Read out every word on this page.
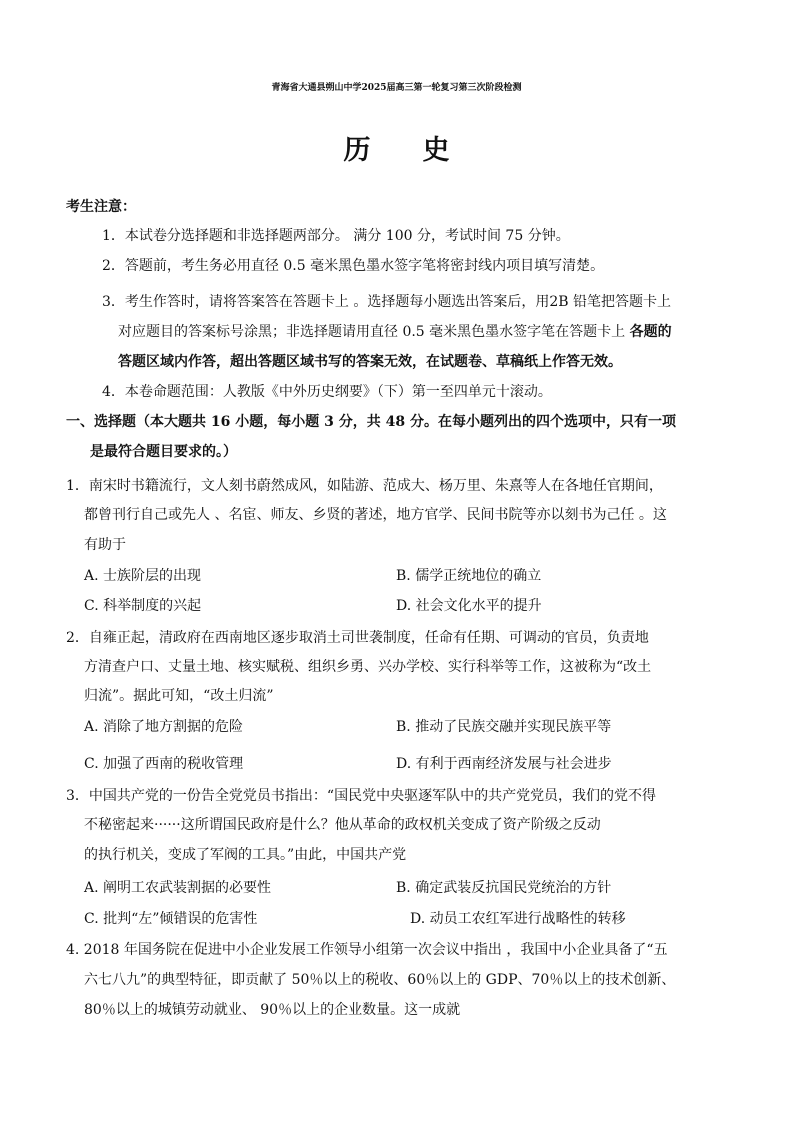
青海省大通县朔山中学2025届高三第一轮复习第三次阶段检测
历史
考生注意：
1．本试卷分选择题和非选择题两部分。 满分 100 分，考试时间 75 分钟。
2．答题前，考生务必用直径 0.5 毫米黑色墨水签字笔将密封线内项目填写清楚。
3．考生作答时，请将答案答在答题卡上 。选择题每小题选出答案后，用2B 铅笔把答题卡上
对应题目的答案标号涂黑；非选择题请用直径 0.5 毫米黑色墨水签字笔在答题卡上 各题的
答题区域内作答，超出答题区域书写的答案无效，在试题卷、草稿纸上作答无效。
4．本卷命题范围：人教版《中外历史纲要》（下）第一至四单元十滚动。
一、选择题（本大题共 16 小题，每小题 3 分，共 48 分。在每小题列出的四个选项中，只有一项
是最符合题目要求的。）
1．南宋时书籍流行，文人刻书蔚然成风，如陆游、范成大、杨万里、朱熹等人在各地任官期间，
都曾刊行自己或先人 、名宦、师友、乡贤的著述，地方官学、民间书院等亦以刻书为己任 。这
有助于
A. 士族阶层的出现	B. 儒学正统地位的确立
C. 科举制度的兴起	D. 社会文化水平的提升
2．自雍正起，清政府在西南地区逐步取消土司世袭制度，任命有任期、可调动的官员，负责地
方清查户口、丈量土地、核实赋税、组织乡勇、兴办学校、实行科举等工作，这被称为“改土
归流”。据此可知，“改土归流”
A. 消除了地方割据的危险	B. 推动了民族交融并实现民族平等
C. 加强了西南的税收管理	D. 有利于西南经济发展与社会进步
3．中国共产党的一份告全党党员书指出：“国民党中央驱逐军队中的共产党党员，我们的党不得
不秘密起来······这所谓国民政府是什么？他从革命的政权机关变成了资产阶级之反动
的执行机关，变成了军阀的工具。”由此，中国共产党
A. 阐明工农武装割据的必要性	B. 确定武装反抗国民党统治的方针
C. 批判“左”倾错误的危害性	D. 动员工农红军进行战略性的转移
4. 2018 年国务院在促进中小企业发展工作领导小组第一次会议中指出 ，我国中小企业具备了“五
六七八九”的典型特征，即贡献了 50％以上的税收、60％以上的 GDP、70％以上的技术创新、
80％以上的城镇劳动就业、 90％以上的企业数量。这一成就
